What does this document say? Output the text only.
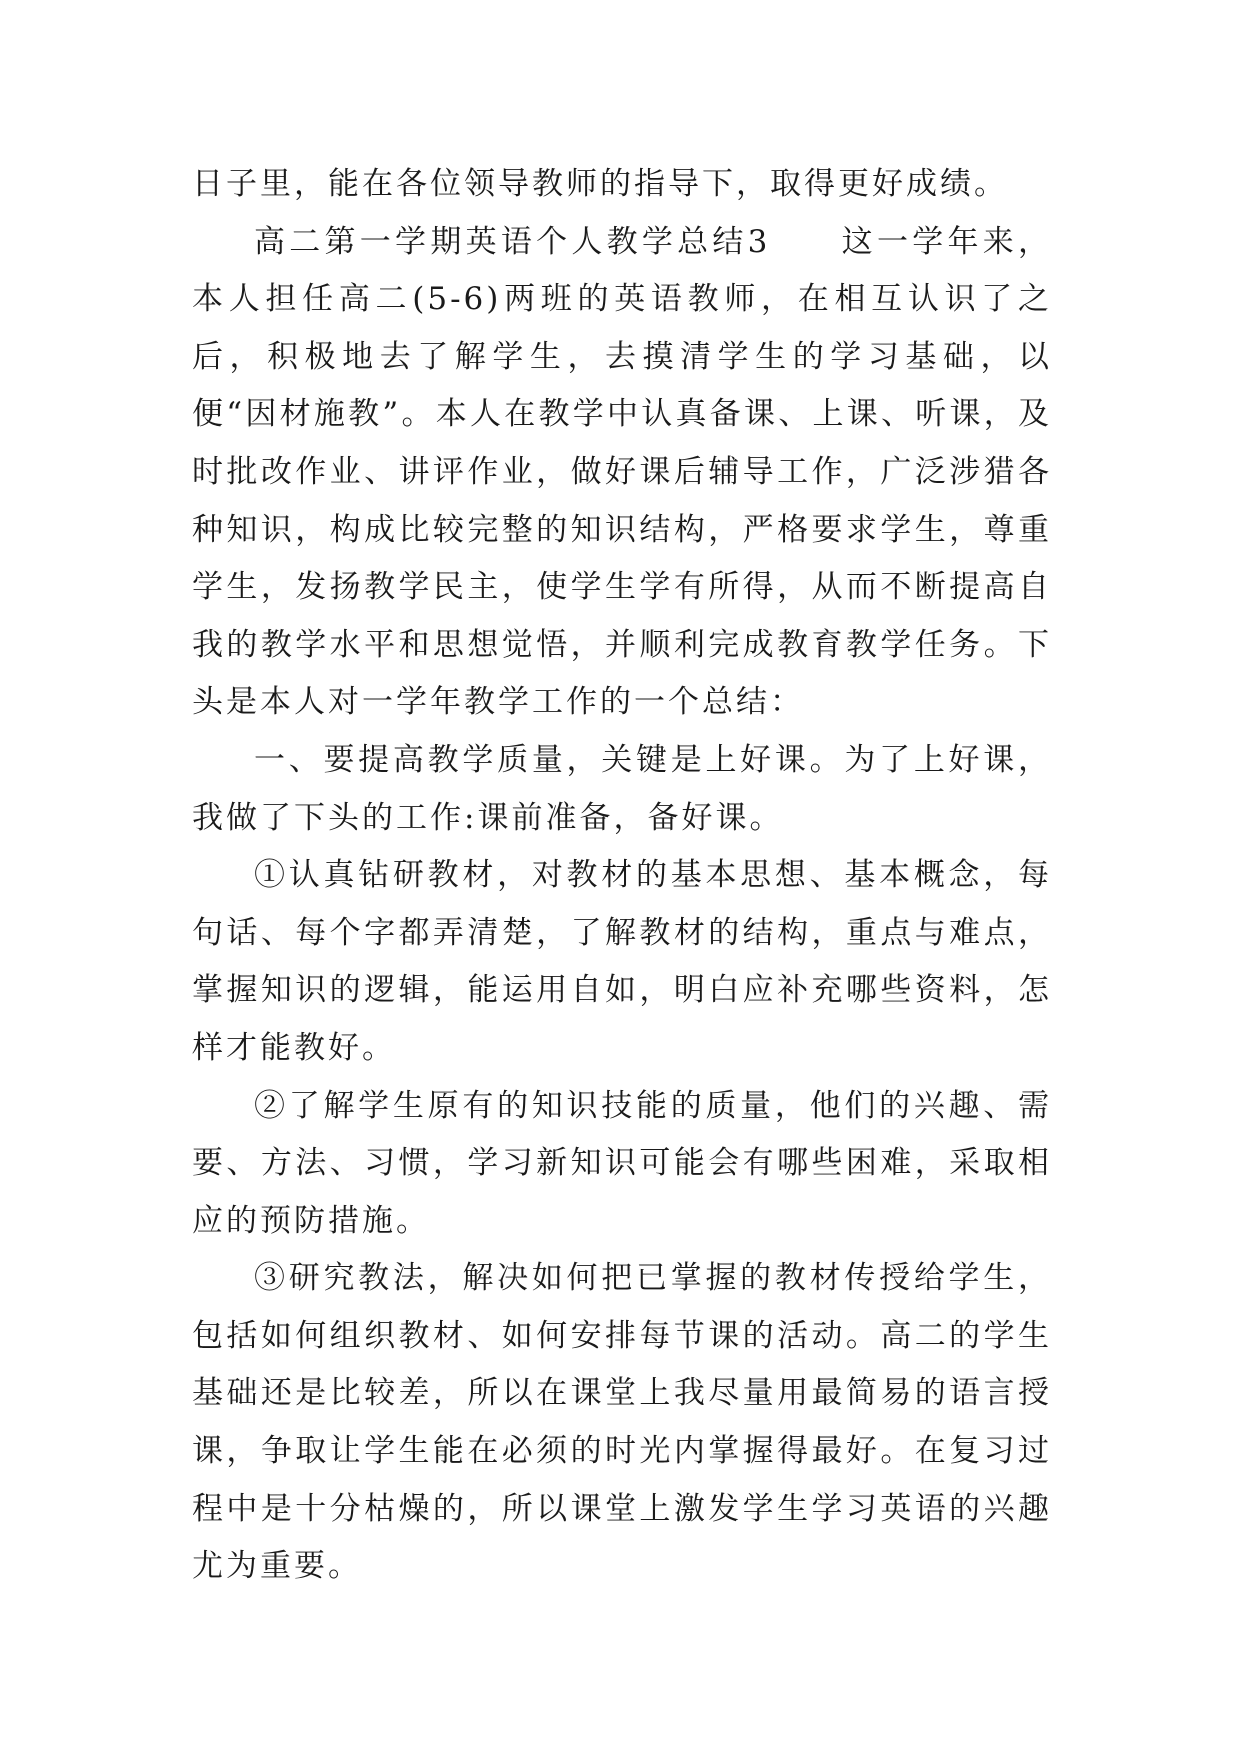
日子里，能在各位领导教师的指导下，取得更好成绩。

高二第一学期英语个人教学总结3 这一学年来，本人担任高二(5-6)两班的英语教师，在相互认识了之后，积极地去了解学生，去摸清学生的学习基础，以便“因材施教”。本人在教学中认真备课、上课、听课，及时批改作业、讲评作业，做好课后辅导工作，广泛涉猎各种知识，构成比较完整的知识结构，严格要求学生，尊重学生，发扬教学民主，使学生学有所得，从而不断提高自我的教学水平和思想觉悟，并顺利完成教育教学任务。下头是本人对一学年教学工作的一个总结：

一、要提高教学质量，关键是上好课。为了上好课，我做了下头的工作:课前准备，备好课。

①认真钻研教材，对教材的基本思想、基本概念，每句话、每个字都弄清楚，了解教材的结构，重点与难点，掌握知识的逻辑，能运用自如，明白应补充哪些资料，怎样才能教好。

②了解学生原有的知识技能的质量，他们的兴趣、需要、方法、习惯，学习新知识可能会有哪些困难，采取相应的预防措施。

③研究教法，解决如何把已掌握的教材传授给学生，包括如何组织教材、如何安排每节课的活动。高二的学生基础还是比较差，所以在课堂上我尽量用最简易的语言授课，争取让学生能在必须的时光内掌握得最好。在复习过程中是十分枯燥的，所以课堂上激发学生学习英语的兴趣尤为重要。
